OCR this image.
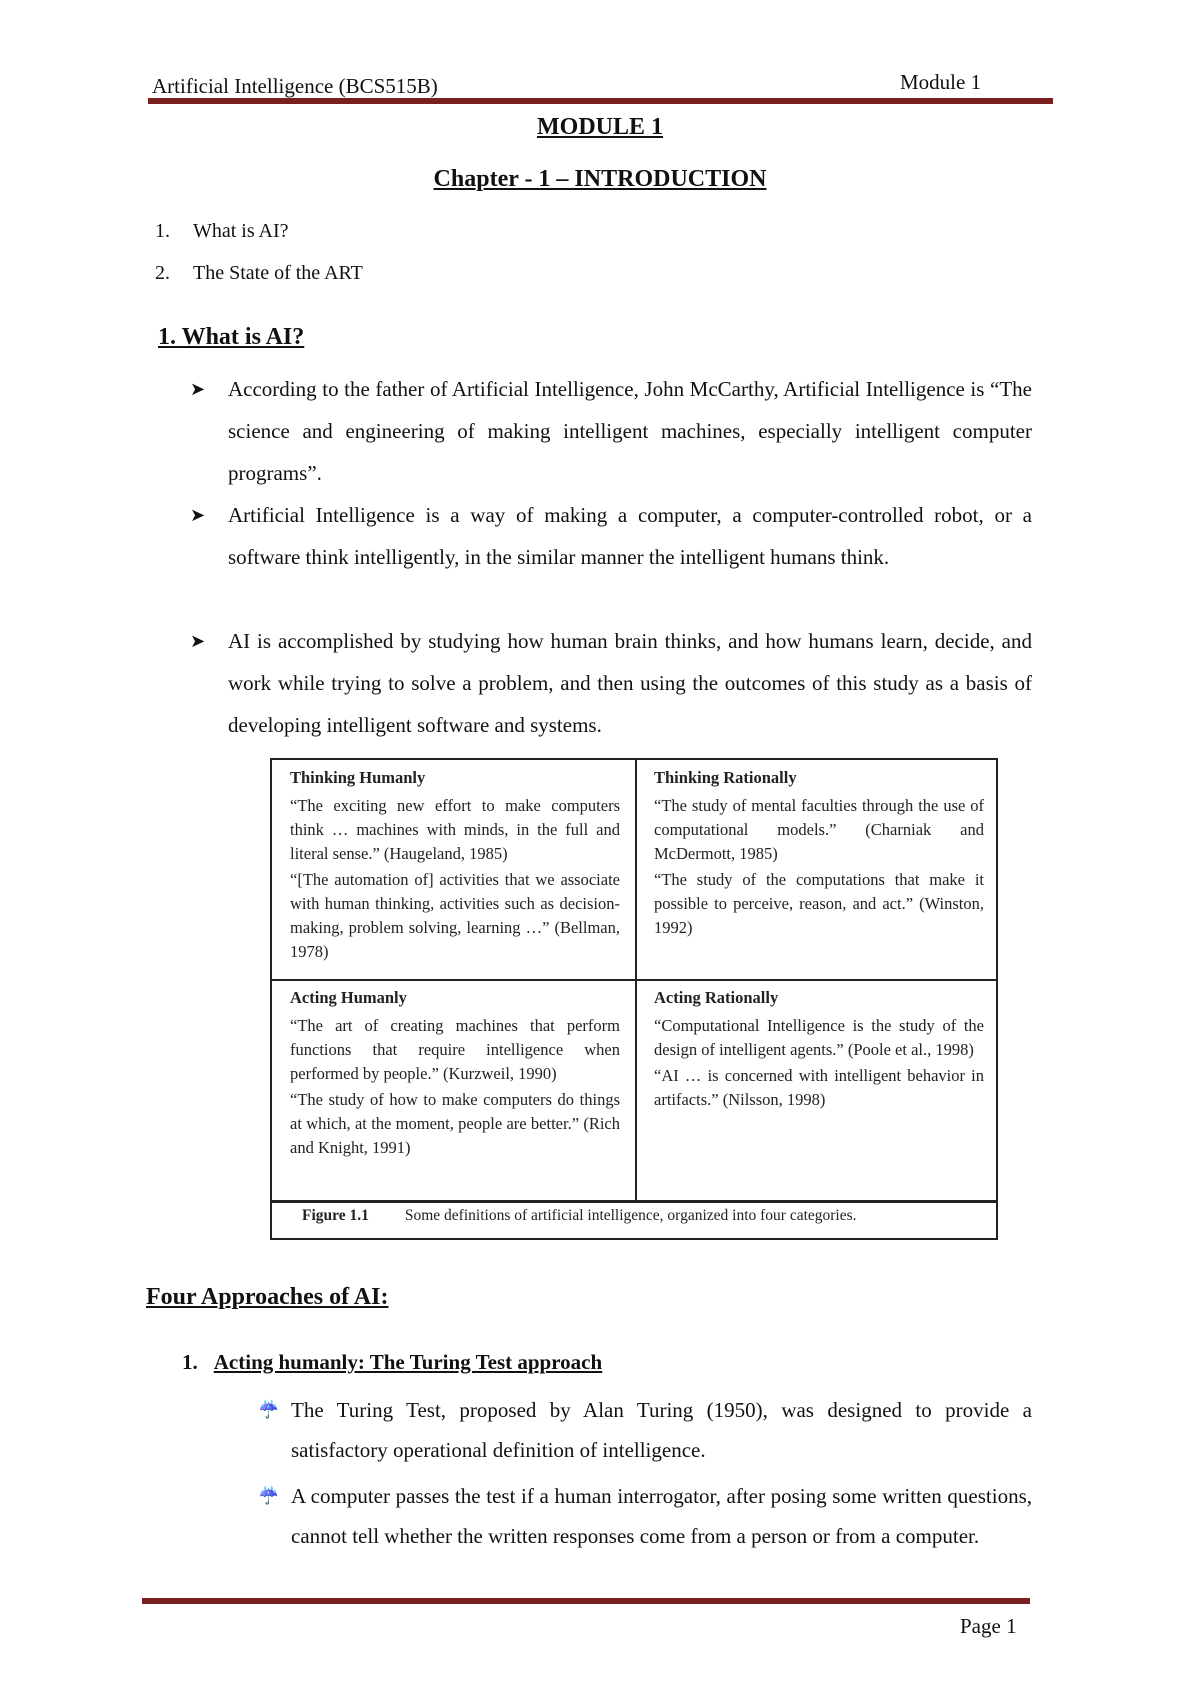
Artificial Intelligence (BCS515B)	Module 1
MODULE 1
Chapter - 1 – INTRODUCTION
1. What is AI?
2. The State of the ART
1. What is AI?
➤ According to the father of Artificial Intelligence, John McCarthy, Artificial Intelligence is “The science and engineering of making intelligent machines, especially intelligent computer programs”.
➤ Artificial Intelligence is a way of making a computer, a computer-controlled robot, or a software think intelligently, in the similar manner the intelligent humans think.
➤ AI is accomplished by studying how human brain thinks, and how humans learn, decide, and work while trying to solve a problem, and then using the outcomes of this study as a basis of developing intelligent software and systems.
Thinking Humanly

“The exciting new effort to make computers think … machines with minds, in the full and literal sense.” (Haugeland, 1985)

“[The automation of] activities that we associate with human thinking, activities such as decision-making, problem solving, learning …” (Bellman, 1978)

Thinking Rationally

“The study of mental faculties through the use of computational models.” (Charniak and McDermott, 1985)

“The study of the computations that make it possible to perceive, reason, and act.” (Winston, 1992)

Acting Humanly

“The art of creating machines that perform functions that require intelligence when performed by people.” (Kurzweil, 1990)

“The study of how to make computers do things at which, at the moment, people are better.” (Rich and Knight, 1991)

Acting Rationally

“Computational Intelligence is the study of the design of intelligent agents.” (Poole et al., 1998)

“AI … is concerned with intelligent behavior in artifacts.” (Nilsson, 1998)

Figure 1.1 Some definitions of artificial intelligence, organized into four categories.
Four Approaches of AI:
1. Acting humanly: The Turing Test approach
☔ The Turing Test, proposed by Alan Turing (1950), was designed to provide a satisfactory operational definition of intelligence.
☔ A computer passes the test if a human interrogator, after posing some written questions, cannot tell whether the written responses come from a person or from a computer.
Page 1
